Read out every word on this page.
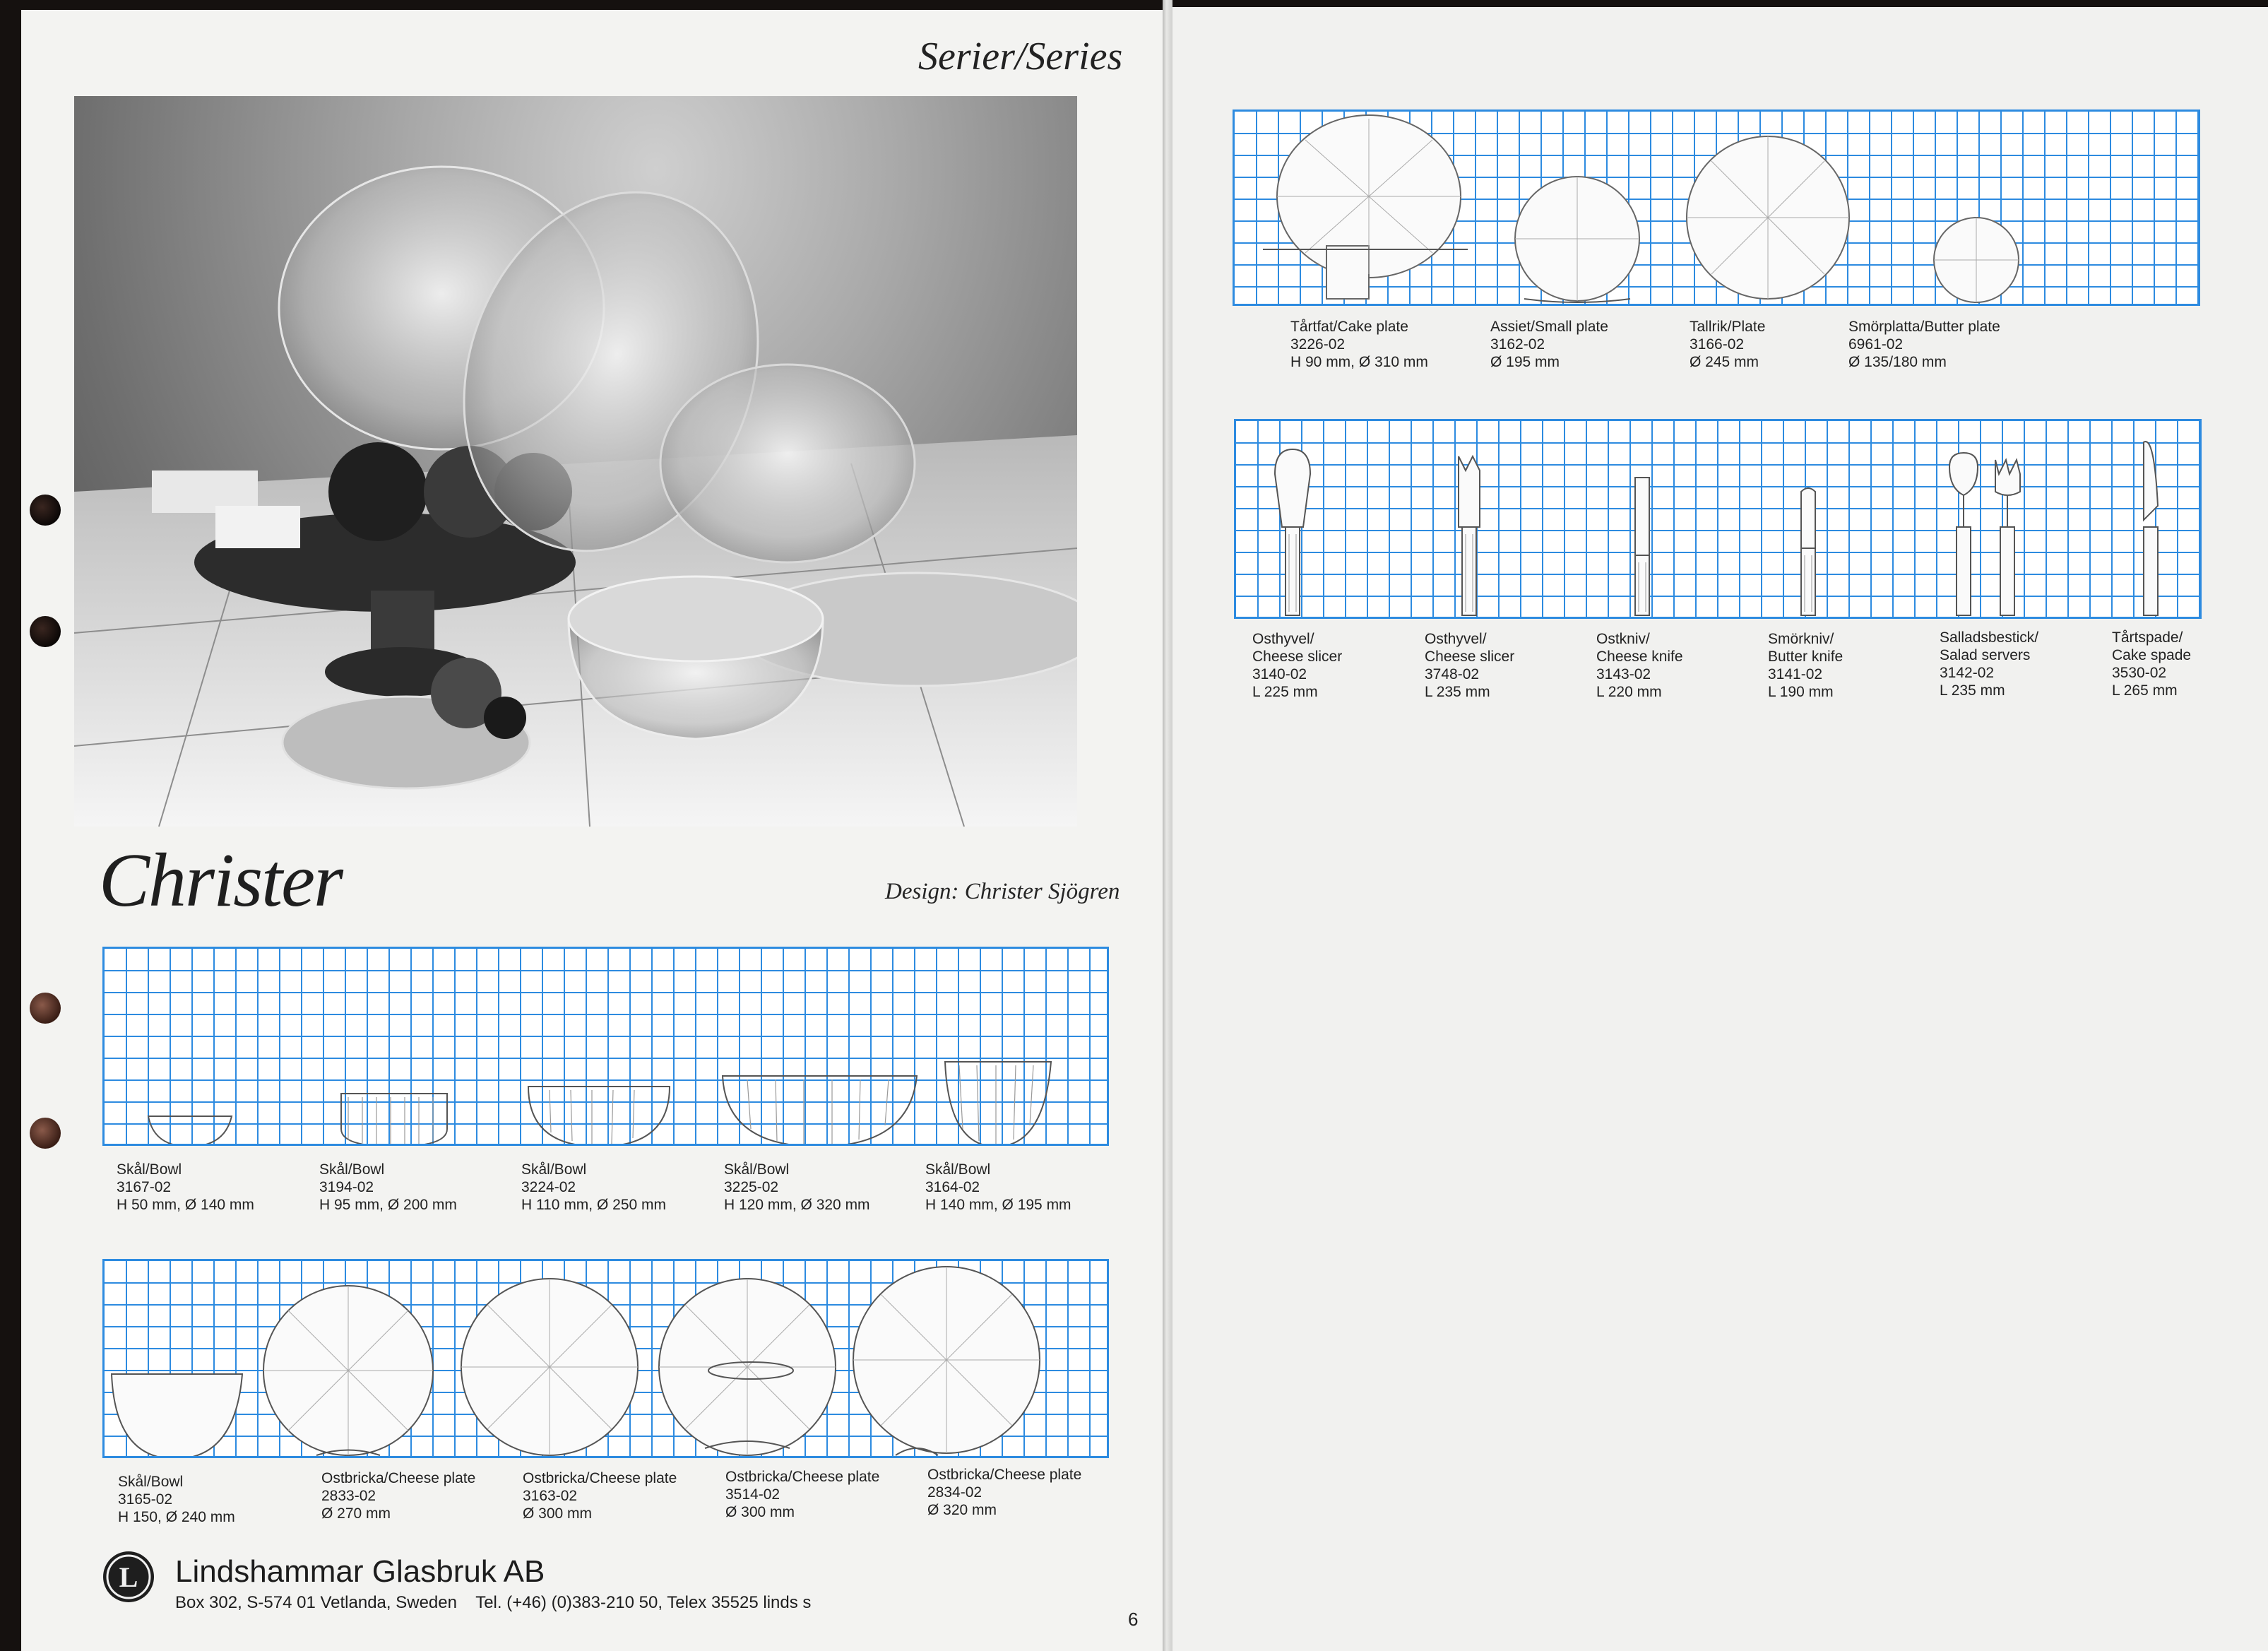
Serier/Series
Christer	Design: Christer Sjögren
Skål/Bowl
3167-02
H 50 mm, Ø 140 mm
Skål/Bowl
3194-02
H 95 mm, Ø 200 mm
Skål/Bowl
3224-02
H 110 mm, Ø 250 mm
Skål/Bowl
3225-02
H 120 mm, Ø 320 mm
Skål/Bowl
3164-02
H 140 mm, Ø 195 mm
Skål/Bowl
3165-02
H 150, Ø 240 mm
Ostbricka/Cheese plate
2833-02
Ø 270 mm
Ostbricka/Cheese plate
3163-02
Ø 300 mm
Ostbricka/Cheese plate
3514-02
Ø 300 mm
Ostbricka/Cheese plate
2834-02
Ø 320 mm
L Lindshammar Glasbruk AB
Box 302, S-574 01 Vetlanda, Sweden    Tel. (+46) (0)383-210 50, Telex 35525 linds s
6
Tårtfat/Cake plate
3226-02
H 90 mm, Ø 310 mm
Assiet/Small plate
3162-02
Ø 195 mm
Tallrik/Plate
3166-02
Ø 245 mm
Smörplatta/Butter plate
6961-02
Ø 135/180 mm
Osthyvel/
Cheese slicer
3140-02
L 225 mm
Osthyvel/
Cheese slicer
3748-02
L 235 mm
Ostkniv/
Cheese knife
3143-02
L 220 mm
Smörkniv/
Butter knife
3141-02
L 190 mm
Salladsbestick/
Salad servers
3142-02
L 235 mm
Tårtspade/
Cake spade
3530-02
L 265 mm
